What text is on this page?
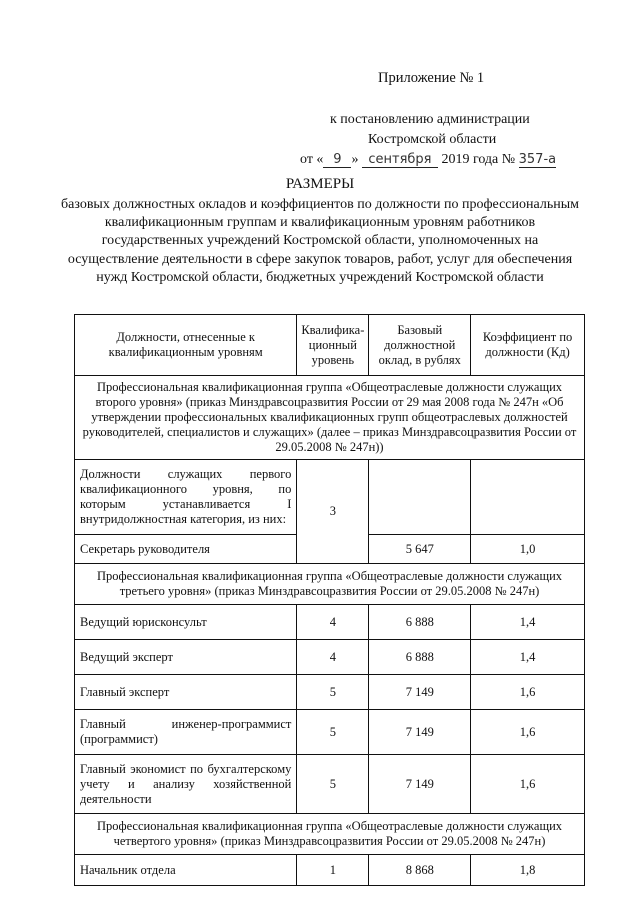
Приложение № 1
к постановлению администрации
Костромской области
от « 9 » сентября 2019 года № 357-а
РАЗМЕРЫ
базовых должностных окладов и коэффициентов по должности по профессиональным квалификационным группам и квалификационным уровням работников государственных учреждений Костромской области, уполномоченных на осуществление деятельности в сфере закупок товаров, работ, услуг для обеспечения нужд Костромской области, бюджетных учреждений Костромской области
Должности, отнесенные к квалификационным уровням	Квалифика-ционный уровень	Базовый должностной оклад, в рублях	Коэффициент по должности (Кд)
Профессиональная квалификационная группа «Общеотраслевые должности служащих второго уровня» (приказ Минздравсоцразвития России от 29 мая 2008 года № 247н «Об утверждении профессиональных квалификационных групп общеотраслевых должностей руководителей, специалистов и служащих» (далее – приказ Минздравсоцразвития России от 29.05.2008 № 247н))			
Должности служащих первого квалификационного уровня, по которым устанавливается I внутридолжностная категория, из них:	3		
Секретарь руководителя		5 647	1,0
Профессиональная квалификационная группа «Общеотраслевые должности служащих третьего уровня» (приказ Минздравсоцразвития России от 29.05.2008 № 247н)			
Ведущий юрисконсульт	4	6 888	1,4
Ведущий эксперт	4	6 888	1,4
Главный эксперт	5	7 149	1,6
Главный инженер-программист (программист)	5	7 149	1,6
Главный экономист по бухгалтерскому учету и анализу хозяйственной деятельности	5	7 149	1,6
Профессиональная квалификационная группа «Общеотраслевые должности служащих четвертого уровня» (приказ Минздравсоцразвития России от 29.05.2008 № 247н)			
Начальник отдела	1	8 868	1,8
